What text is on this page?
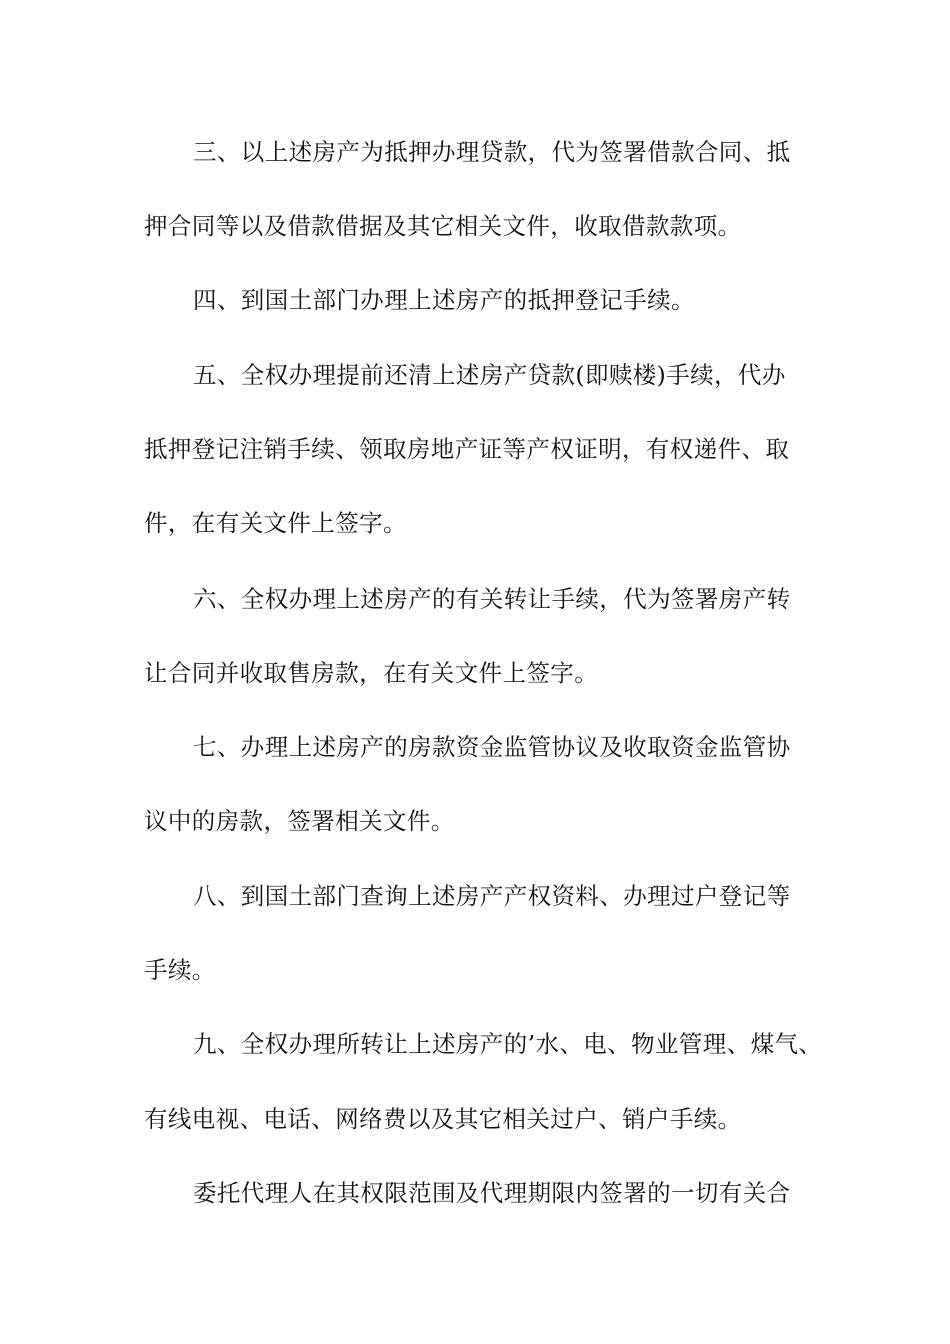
三、以上述房产为抵押办理贷款，代为签署借款合同、抵
押合同等以及借款借据及其它相关文件，收取借款款项。
四、到国土部门办理上述房产的抵押登记手续。
五、全权办理提前还清上述房产贷款(即赎楼)手续，代办
抵押登记注销手续、领取房地产证等产权证明，有权递件、取
件，在有关文件上签字。
六、全权办理上述房产的有关转让手续，代为签署房产转
让合同并收取售房款，在有关文件上签字。
七、办理上述房产的房款资金监管协议及收取资金监管协
议中的房款，签署相关文件。
八、到国土部门查询上述房产产权资料、办理过户登记等
手续。
九、全权办理所转让上述房产的’水、电、物业管理、煤气、
有线电视、电话、网络费以及其它相关过户、销户手续。
委托代理人在其权限范围及代理期限内签署的一切有关合
